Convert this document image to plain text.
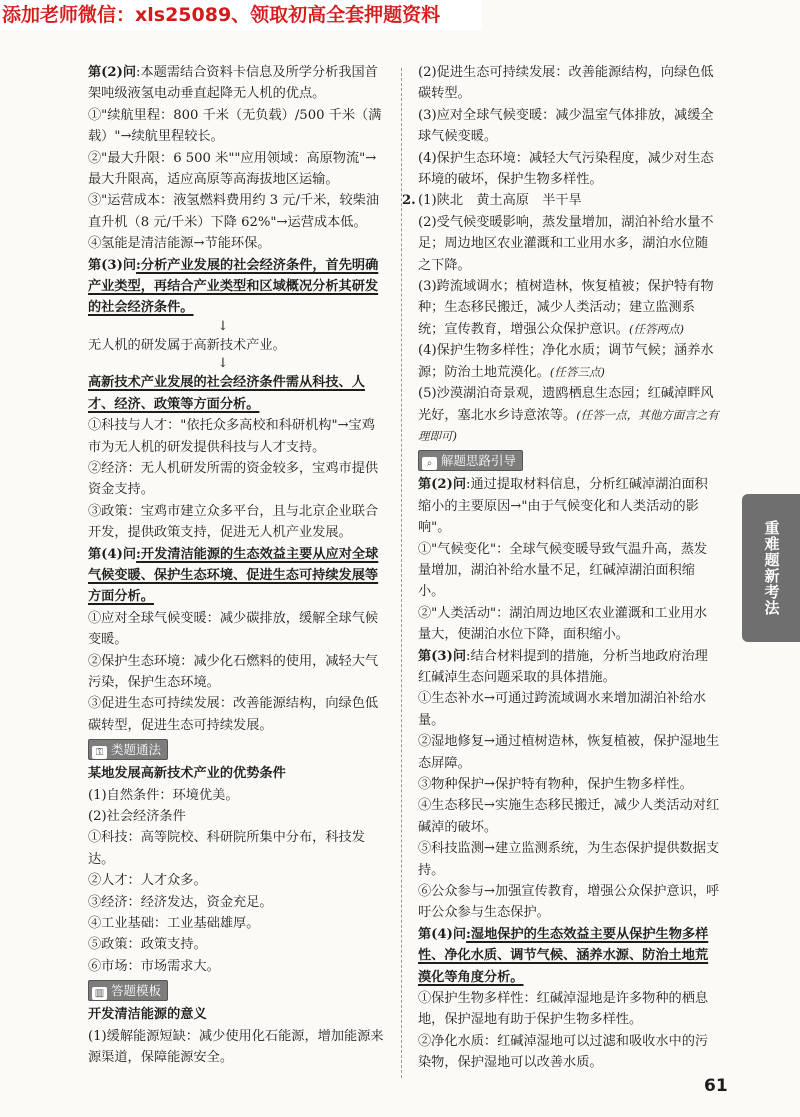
添加老师微信：xls25089、领取初高全套押题资料

第(2)问:本题需结合资料卡信息及所学分析我国首架吨级液氢电动垂直起降无人机的优点。

①"续航里程：800 千米（无负载）/500 千米（满载）"→续航里程较长。

②"最大升限：6 500 米""应用领域：高原物流"→最大升限高，适应高原等高海拔地区运输。

③"运营成本：液氢燃料费用约 3 元/千米，较柴油直升机（8 元/千米）下降 62%"→运营成本低。

④氢能是清洁能源→节能环保。

第(3)问:分析产业发展的社会经济条件，首先明确产业类型，再结合产业类型和区域概况分析其研发的社会经济条件。

↓

无人机的研发属于高新技术产业。

↓

高新技术产业发展的社会经济条件需从科技、人才、经济、政策等方面分析。

①科技与人才："依托众多高校和科研机构"→宝鸡市为无人机的研发提供科技与人才支持。

②经济：无人机研发所需的资金较多，宝鸡市提供资金支持。

③政策：宝鸡市建立众多平台，且与北京企业联合开发，提供政策支持，促进无人机产业发展。

第(4)问:开发清洁能源的生态效益主要从应对全球气候变暖、保护生态环境、促进生态可持续发展等方面分析。

①应对全球气候变暖：减少碳排放，缓解全球气候变暖。

②保护生态环境：减少化石燃料的使用，减轻大气污染，保护生态环境。

③促进生态可持续发展：改善能源结构，向绿色低碳转型，促进生态可持续发展。

⚿ 类题通法

某地发展高新技术产业的优势条件

(1)自然条件：环境优美。

(2)社会经济条件

①科技：高等院校、科研院所集中分布，科技发达。

②人才：人才众多。

③经济：经济发达，资金充足。

④工业基础：工业基础雄厚。

⑤政策：政策支持。

⑥市场：市场需求大。

▥ 答题模板

开发清洁能源的意义

(1)缓解能源短缺：减少使用化石能源，增加能源来源渠道，保障能源安全。

(2)促进生态可持续发展：改善能源结构，向绿色低碳转型。

(3)应对全球气候变暖：减少温室气体排放，减缓全球气候变暖。

(4)保护生态环境：减轻大气污染程度，减少对生态环境的破坏，保护生物多样性。

2. (1)陕北　黄土高原　半干旱

(2)受气候变暖影响，蒸发量增加，湖泊补给水量不足；周边地区农业灌溉和工业用水多，湖泊水位随之下降。

(3)跨流域调水；植树造林，恢复植被；保护特有物种；生态移民搬迁，减少人类活动；建立监测系统；宣传教育，增强公众保护意识。(任答两点)

(4)保护生物多样性；净化水质；调节气候；涵养水源；防治土地荒漠化。(任答三点)

(5)沙漠湖泊奇景观，遗鸥栖息生态园；红碱淖畔风光好，塞北水乡诗意浓等。(任答一点，其他方面言之有理即可)

⌕ 解题思路引导

第(2)问:通过提取材料信息，分析红碱淖湖泊面积缩小的主要原因→"由于气候变化和人类活动的影响"。

①"气候变化"：全球气候变暖导致气温升高，蒸发量增加，湖泊补给水量不足，红碱淖湖泊面积缩小。

②"人类活动"：湖泊周边地区农业灌溉和工业用水量大，使湖泊水位下降，面积缩小。

第(3)问:结合材料提到的措施，分析当地政府治理红碱淖生态问题采取的具体措施。

①生态补水→可通过跨流域调水来增加湖泊补给水量。

②湿地修复→通过植树造林，恢复植被，保护湿地生态屏障。

③物种保护→保护特有物种，保护生物多样性。

④生态移民→实施生态移民搬迁，减少人类活动对红碱淖的破坏。

⑤科技监测→建立监测系统，为生态保护提供数据支持。

⑥公众参与→加强宣传教育，增强公众保护意识，呼吁公众参与生态保护。

第(4)问:湿地保护的生态效益主要从保护生物多样性、净化水质、调节气候、涵养水源、防治土地荒漠化等角度分析。

①保护生物多样性：红碱淖湿地是许多物种的栖息地，保护湿地有助于保护生物多样性。

②净化水质：红碱淖湿地可以过滤和吸收水中的污染物，保护湿地可以改善水质。

重难题新考法
61
